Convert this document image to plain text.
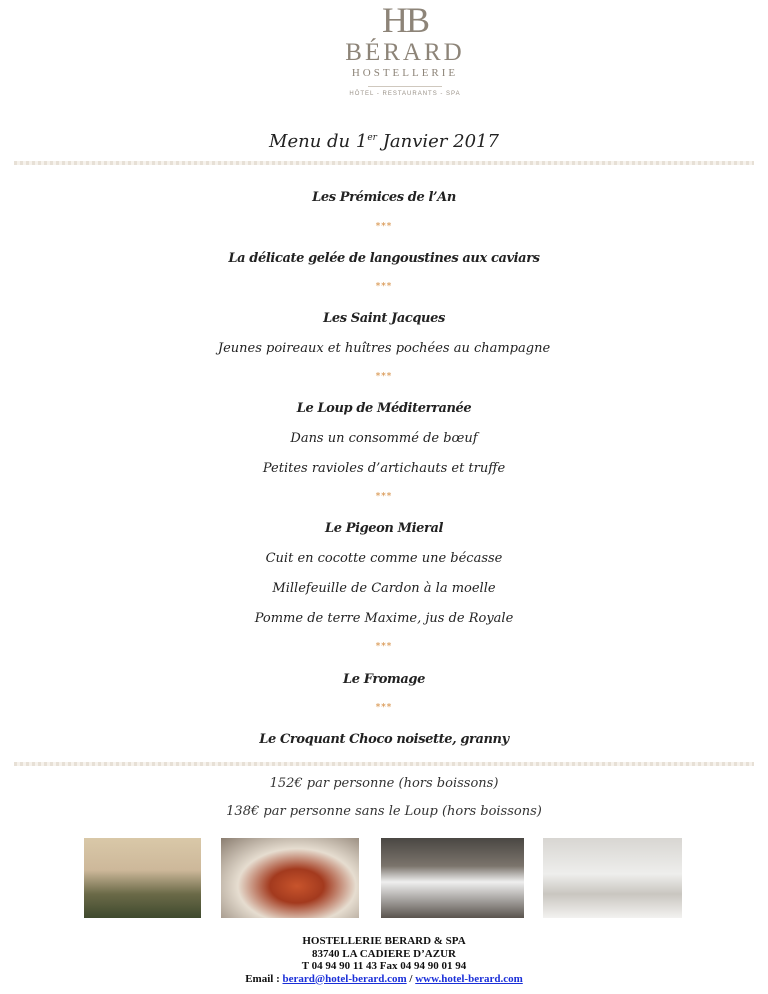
HB
BÉRARD
HOSTELLERIE
HÔTEL - RESTAURANTS - SPA
Menu du 1er Janvier 2017
Les Prémices de l’An
***
La délicate gelée de langoustines aux caviars
***
Les Saint Jacques
Jeunes poireaux et huîtres pochées au champagne
***
Le Loup de Méditerranée
Dans un consommé de bœuf
Petites ravioles d’artichauts et truffe
***
Le Pigeon Mieral
Cuit en cocotte comme une bécasse
Millefeuille de Cardon à la moelle
Pomme de terre Maxime, jus de Royale
***
Le Fromage
***
Le Croquant Choco noisette, granny
152€ par personne (hors boissons)
138€ par personne sans le Loup (hors boissons)
HOSTELLERIE BERARD & SPA
83740 LA CADIERE D’AZUR
T 04 94 90 11 43 Fax 04 94 90 01 94
Email : berard@hotel-berard.com / www.hotel-berard.com
